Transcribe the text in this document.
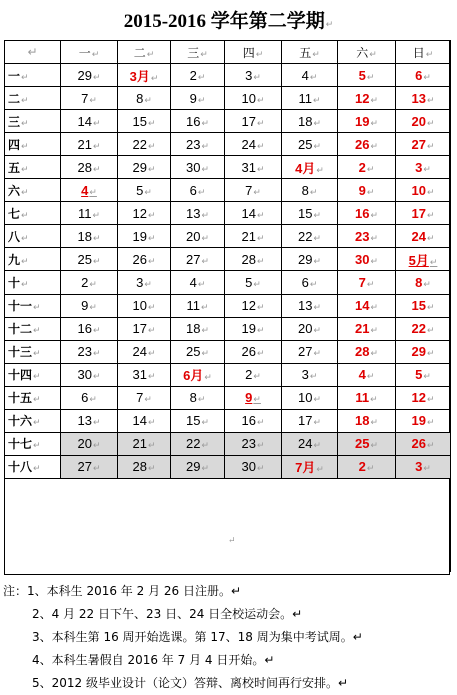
2015-2016 学年第二学期↵
↵	一↵	二↵	三↵	四↵	五↵	六↵	日↵
一↵	29↵	3月↵	2↵	3↵	4↵	5↵	6↵
二↵	7↵	8↵	9↵	10↵	11↵	12↵	13↵
三↵	14↵	15↵	16↵	17↵	18↵	19↵	20↵
四↵	21↵	22↵	23↵	24↵	25↵	26↵	27↵
五↵	28↵	29↵	30↵	31↵	4月↵	2↵	3↵
六↵	4↵	5↵	6↵	7↵	8↵	9↵	10↵
七↵	11↵	12↵	13↵	14↵	15↵	16↵	17↵
八↵	18↵	19↵	20↵	21↵	22↵	23↵	24↵
九↵	25↵	26↵	27↵	28↵	29↵	30↵	5月↵
十↵	2↵	3↵	4↵	5↵	6↵	7↵	8↵
十一↵	9↵	10↵	11↵	12↵	13↵	14↵	15↵
十二↵	16↵	17↵	18↵	19↵	20↵	21↵	22↵
十三↵	23↵	24↵	25↵	26↵	27↵	28↵	29↵
十四↵	30↵	31↵	6月↵	2↵	3↵	4↵	5↵
十五↵	6↵	7↵	8↵	9↵	10↵	11↵	12↵
十六↵	13↵	14↵	15↵	16↵	17↵	18↵	19↵
十七↵	20↵	21↵	22↵	23↵	24↵	25↵	26↵
十八↵	27↵	28↵	29↵	30↵	7月↵	2↵	3↵

↵
注：1、本科生 2016 年 2 月 26 日注册。↵
2、4 月 22 日下午、23 日、24 日全校运动会。↵
3、本科生第 16 周开始选课。第 17、18 周为集中考试周。↵
4、本科生暑假自 2016 年 7 月 4 日开始。↵
5、2012 级毕业设计（论文）答辩、离校时间再行安排。↵
